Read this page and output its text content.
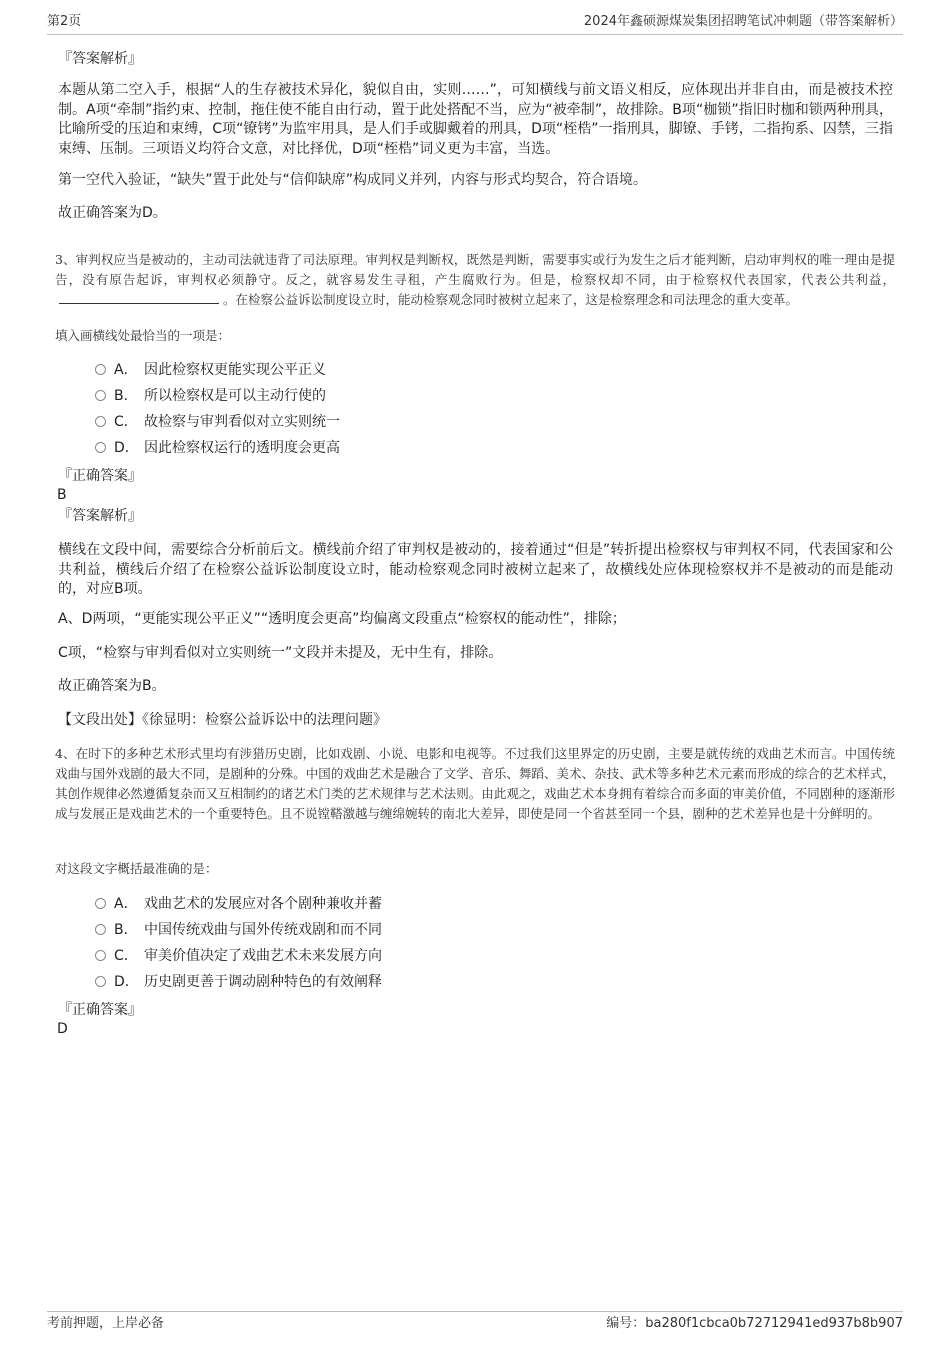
第2页	2024年鑫硕源煤炭集团招聘笔试冲刺题（带答案解析）
『答案解析』
本题从第二空入手，根据“人的生存被技术异化，貌似自由，实则……”，可知横线与前文语义相反，应体现出并非自由，而是被技术控制。A项“牵制”指约束、控制，拖住使不能自由行动，置于此处搭配不当，应为“被牵制”，故排除。B项“枷锁”指旧时枷和锁两种刑具，比喻所受的压迫和束缚，C项“镣铐”为监牢用具，是人们手或脚戴着的刑具，D项“桎梏”一指刑具，脚镣、手铐，二指拘系、囚禁，三指束缚、压制。三项语义均符合文意，对比择优，D项“桎梏”词义更为丰富，当选。
第一空代入验证，“缺失”置于此处与“信仰缺席”构成同义并列，内容与形式均契合，符合语境。
故正确答案为D。
3、审判权应当是被动的，主动司法就违背了司法原理。审判权是判断权，既然是判断，需要事实或行为发生之后才能判断，启动审判权的唯一理由是提告，没有原告起诉，审判权必须静守。反之，就容易发生寻租，产生腐败行为。但是，检察权却不同，由于检察权代表国家，代表公共利益，。在检察公益诉讼制度设立时，能动检察观念同时被树立起来了，这是检察理念和司法理念的重大变革。
填入画横线处最恰当的一项是：
A． 因此检察权更能实现公平正义
B． 所以检察权是可以主动行使的
C． 故检察与审判看似对立实则统一
D． 因此检察权运行的透明度会更高
『正确答案』
B
『答案解析』
横线在文段中间，需要综合分析前后文。横线前介绍了审判权是被动的，接着通过“但是”转折提出检察权与审判权不同，代表国家和公共利益，横线后介绍了在检察公益诉讼制度设立时，能动检察观念同时被树立起来了，故横线处应体现检察权并不是被动的而是能动的，对应B项。
A、D两项，“更能实现公平正义”“透明度会更高”均偏离文段重点“检察权的能动性”，排除；
C项，“检察与审判看似对立实则统一”文段并未提及，无中生有，排除。
故正确答案为B。
【文段出处】《徐显明：检察公益诉讼中的法理问题》
4、在时下的多种艺术形式里均有涉猎历史剧，比如戏剧、小说、电影和电视等。不过我们这里界定的历史剧，主要是就传统的戏曲艺术而言。中国传统戏曲与国外戏剧的最大不同，是剧种的分殊。中国的戏曲艺术是融合了文学、音乐、舞蹈、美术、杂技、武术等多种艺术元素而形成的综合的艺术样式，其创作规律必然遵循复杂而又互相制约的诸艺术门类的艺术规律与艺术法则。由此观之，戏曲艺术本身拥有着综合而多面的审美价值，不同剧种的逐渐形成与发展正是戏曲艺术的一个重要特色。且不说镗鞳激越与缠绵婉转的南北大差异，即使是同一个省甚至同一个县，剧种的艺术差异也是十分鲜明的。
对这段文字概括最准确的是：
A． 戏曲艺术的发展应对各个剧种兼收并蓄
B． 中国传统戏曲与国外传统戏剧和而不同
C． 审美价值决定了戏曲艺术未来发展方向
D． 历史剧更善于调动剧种特色的有效阐释
『正确答案』
D
考前押题，上岸必备	编号：ba280f1cbca0b72712941ed937b8b907
